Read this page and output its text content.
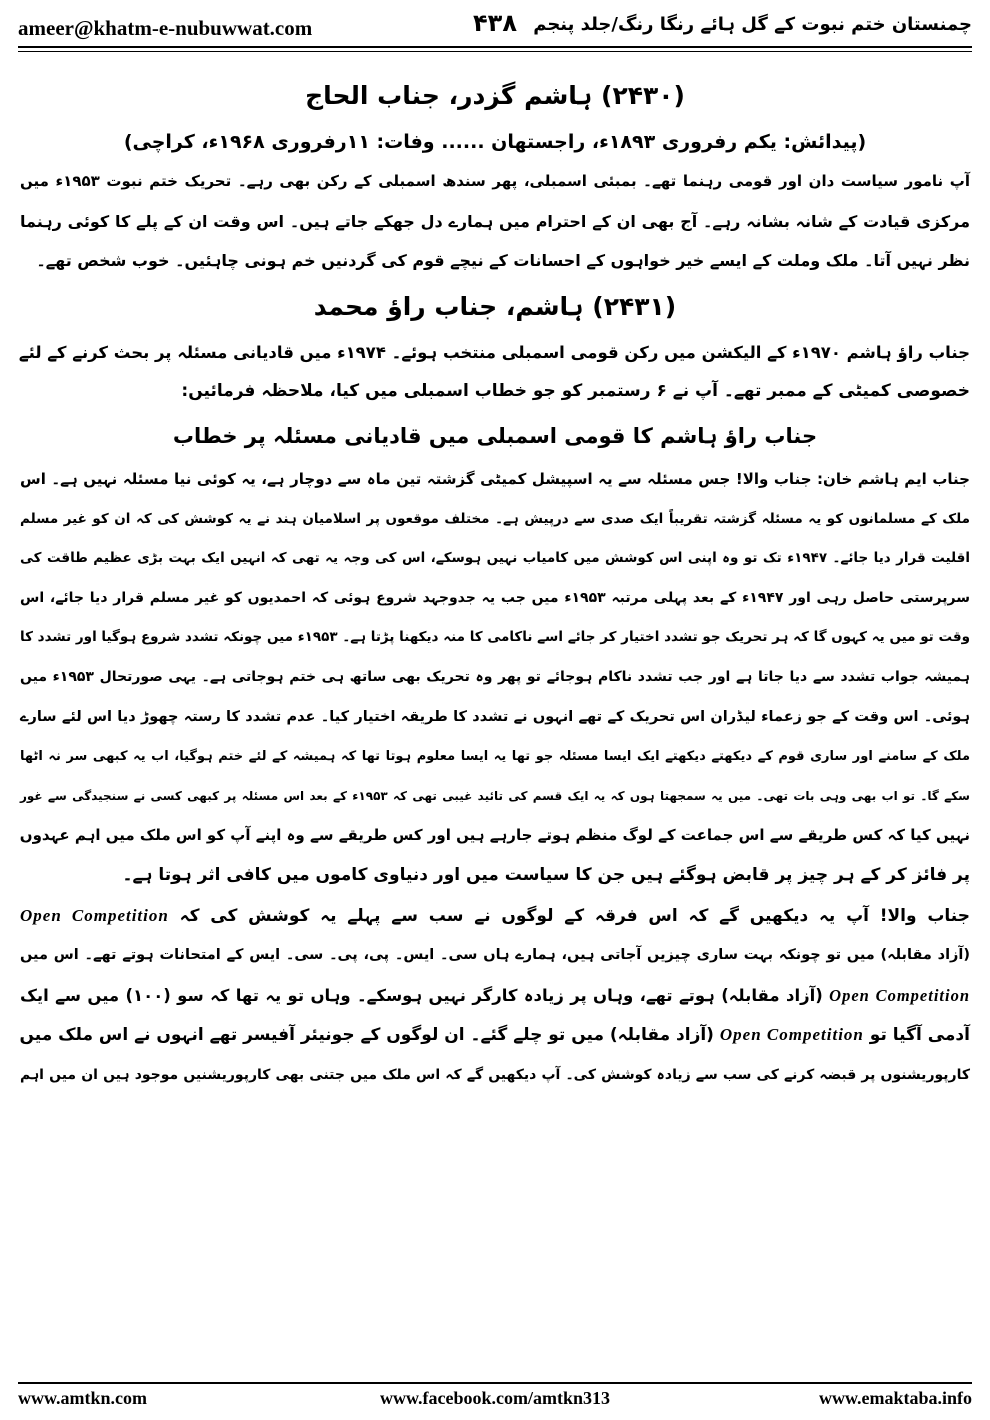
ameer@khatm-e-nubuwwat.com	۴۳۸ چمنستان ختم نبوت کے گل ہائے رنگا رنگ/جلد پنجم
(۲۴۳۰) ہاشم گزدر، جناب الحاج
(پیدائش: یکم رفروری ۱۸۹۳ء، راجستھان ...... وفات: ۱۱رفروری ۱۹۶۸ء، کراچی)
آپ نامور سیاست دان اور قومی رہنما تھے۔ بمبئی اسمبلی، پھر سندھ اسمبلی کے رکن بھی رہے۔ تحریک ختم نبوت ۱۹۵۳ء میں
مرکزی قیادت کے شانہ بشانہ رہے۔ آج بھی ان کے احترام میں ہمارے دل جھکے جاتے ہیں۔ اس وقت ان کے پلے کا کوئی رہنما
نظر نہیں آتا۔ ملک وملت کے ایسے خیر خواہوں کے احسانات کے نیچے قوم کی گردنیں خم ہونی چاہئیں۔ خوب شخص تھے۔
(۲۴۳۱) ہاشم، جناب راؤ محمد
جناب راؤ ہاشم ۱۹۷۰ء کے الیکشن میں رکن قومی اسمبلی منتخب ہوئے۔ ۱۹۷۴ء میں قادیانی مسئلہ پر بحث کرنے کے لئے
خصوصی کمیٹی کے ممبر تھے۔ آپ نے ۶ رستمبر کو جو خطاب اسمبلی میں کیا، ملاحظہ فرمائیں:
جناب راؤ ہاشم کا قومی اسمبلی میں قادیانی مسئلہ پر خطاب
جناب ایم ہاشم خان: جناب والا! جس مسئلہ سے یہ اسپیشل کمیٹی گزشتہ تین ماہ سے دوچار ہے، یہ کوئی نیا مسئلہ نہیں ہے۔ اس
ملک کے مسلمانوں کو یہ مسئلہ گزشتہ تقریباً ایک صدی سے درپیش ہے۔ مختلف موقعوں پر اسلامیان ہند نے یہ کوشش کی کہ ان کو غیر مسلم
اقلیت قرار دیا جائے۔ ۱۹۴۷ء تک تو وہ اپنی اس کوشش میں کامیاب نہیں ہوسکے، اس کی وجہ یہ تھی کہ انہیں ایک بہت بڑی عظیم طاقت کی
سرپرستی حاصل رہی اور ۱۹۴۷ء کے بعد پہلی مرتبہ ۱۹۵۳ء میں جب یہ جدوجہد شروع ہوئی کہ احمدیوں کو غیر مسلم قرار دیا جائے، اس
وقت تو میں یہ کہوں گا کہ ہر تحریک جو تشدد اختیار کر جائے اسے ناکامی کا منہ دیکھنا پڑتا ہے۔ ۱۹۵۳ء میں چونکہ تشدد شروع ہوگیا اور تشدد کا
ہمیشہ جواب تشدد سے دیا جاتا ہے اور جب تشدد ناکام ہوجائے تو پھر وہ تحریک بھی ساتھ ہی ختم ہوجاتی ہے۔ یہی صورتحال ۱۹۵۳ء میں
ہوئی۔ اس وقت کے جو زعماء لیڈران اس تحریک کے تھے انہوں نے تشدد کا طریقہ اختیار کیا۔ عدم تشدد کا رستہ چھوڑ دیا اس لئے سارے
ملک کے سامنے اور ساری قوم کے دیکھتے دیکھتے ایک ایسا مسئلہ جو تھا یہ ایسا معلوم ہوتا تھا کہ ہمیشہ کے لئے ختم ہوگیا، اب یہ کبھی سر نہ اٹھا
سکے گا۔ تو اب بھی وہی بات تھی۔ میں یہ سمجھتا ہوں کہ یہ ایک قسم کی تائید غیبی تھی کہ ۱۹۵۳ء کے بعد اس مسئلہ پر کبھی کسی نے سنجیدگی سے غور
نہیں کیا کہ کس طریقے سے اس جماعت کے لوگ منظم ہوتے جارہے ہیں اور کس طریقے سے وہ اپنے آپ کو اس ملک میں اہم عہدوں
پر فائز کر کے ہر چیز پر قابض ہوگئے ہیں جن کا سیاست میں اور دنیاوی کاموں میں کافی اثر ہوتا ہے۔
جناب والا! آپ یہ دیکھیں گے کہ اس فرقہ کے لوگوں نے سب سے پہلے یہ کوشش کی کہ Open Competition
(آزاد مقابلہ) میں تو چونکہ بہت ساری چیزیں آجاتی ہیں، ہمارے ہاں سی۔ ایس۔ پی، پی۔ سی۔ ایس کے امتحانات ہوتے تھے۔ اس میں
Open Competition (آزاد مقابلہ) ہوتے تھے، وہاں پر زیادہ کارگر نہیں ہوسکے۔ وہاں تو یہ تھا کہ سو (۱۰۰) میں سے ایک
آدمی آگیا تو Open Competition (آزاد مقابلہ) میں تو چلے گئے۔ ان لوگوں کے جونیئر آفیسر تھے انہوں نے اس ملک میں
کارپوریشنوں پر قبضہ کرنے کی سب سے زیادہ کوشش کی۔ آپ دیکھیں گے کہ اس ملک میں جتنی بھی کارپوریشنیں موجود ہیں ان میں اہم
www.amtkn.com	www.facebook.com/amtkn313	www.emaktaba.info
